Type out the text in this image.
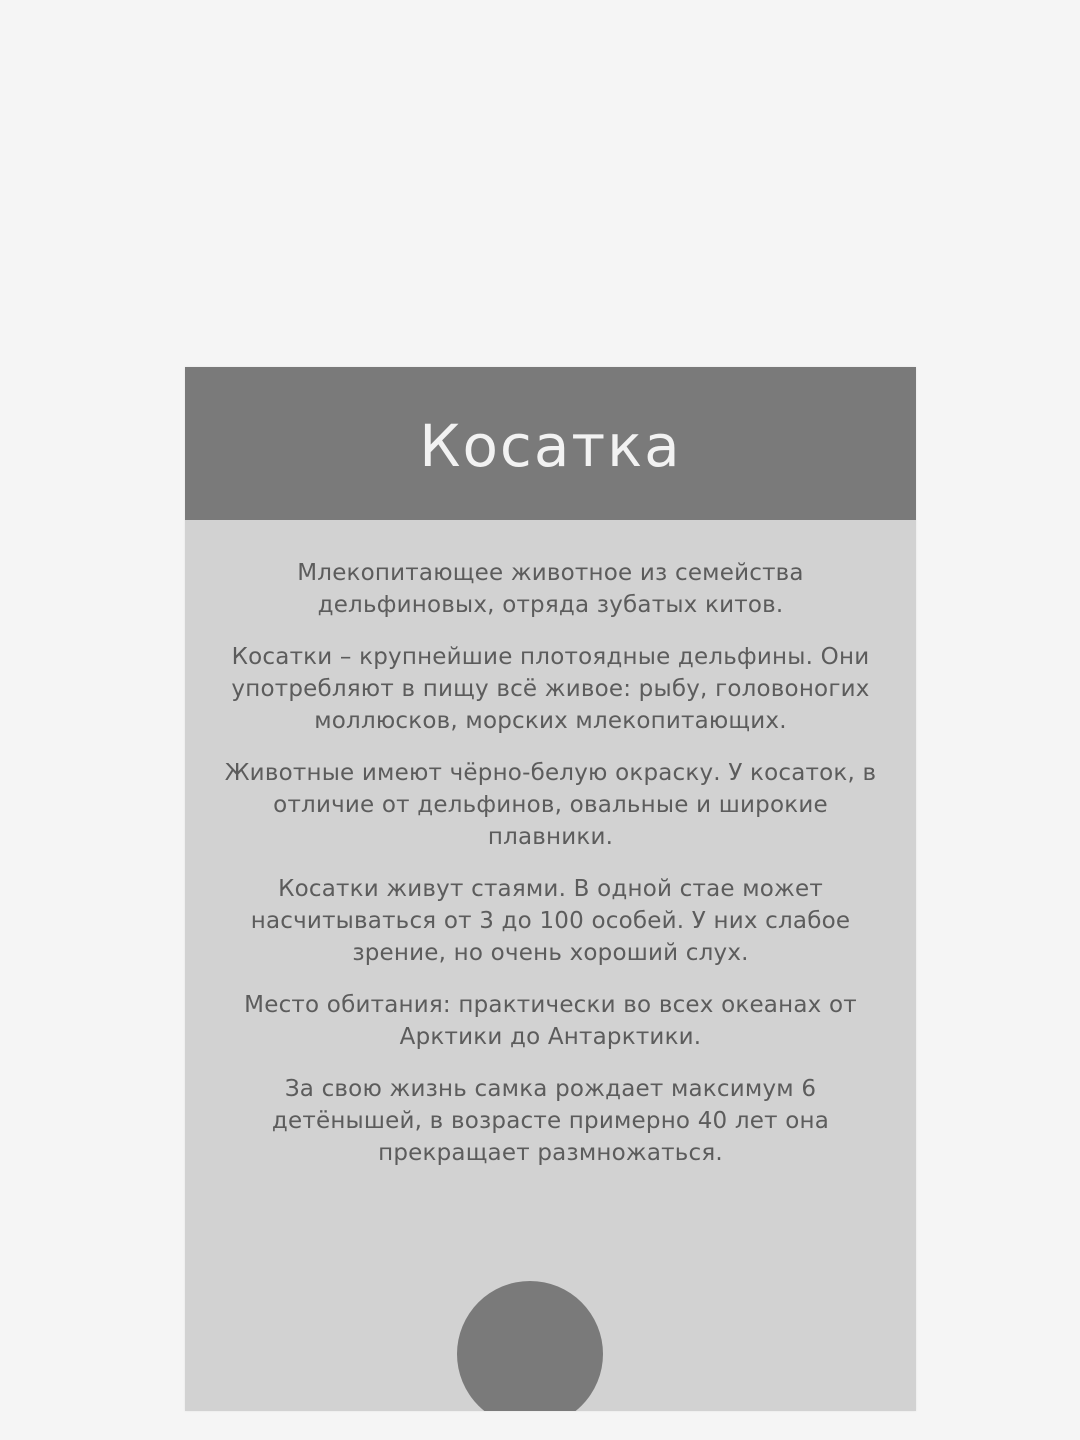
Косатка

Млекопитающее животное из семейства дельфиновых, отряда зубатых китов.

Косатки – крупнейшие плотоядные дельфины. Они употребляют в пищу всё живое: рыбу, головоногих моллюсков, морских млекопитающих.

Животные имеют чёрно-белую окраску. У косаток, в отличие от дельфинов, овальные и широкие плавники.

Косатки живут стаями. В одной стае может насчитываться от 3 до 100 особей. У них слабое зрение, но очень хороший слух.

Место обитания: практически во всех океанах от Арктики до Антарктики.

За свою жизнь самка рождает максимум 6 детёнышей, в возрасте примерно 40 лет она прекращает размножаться.
